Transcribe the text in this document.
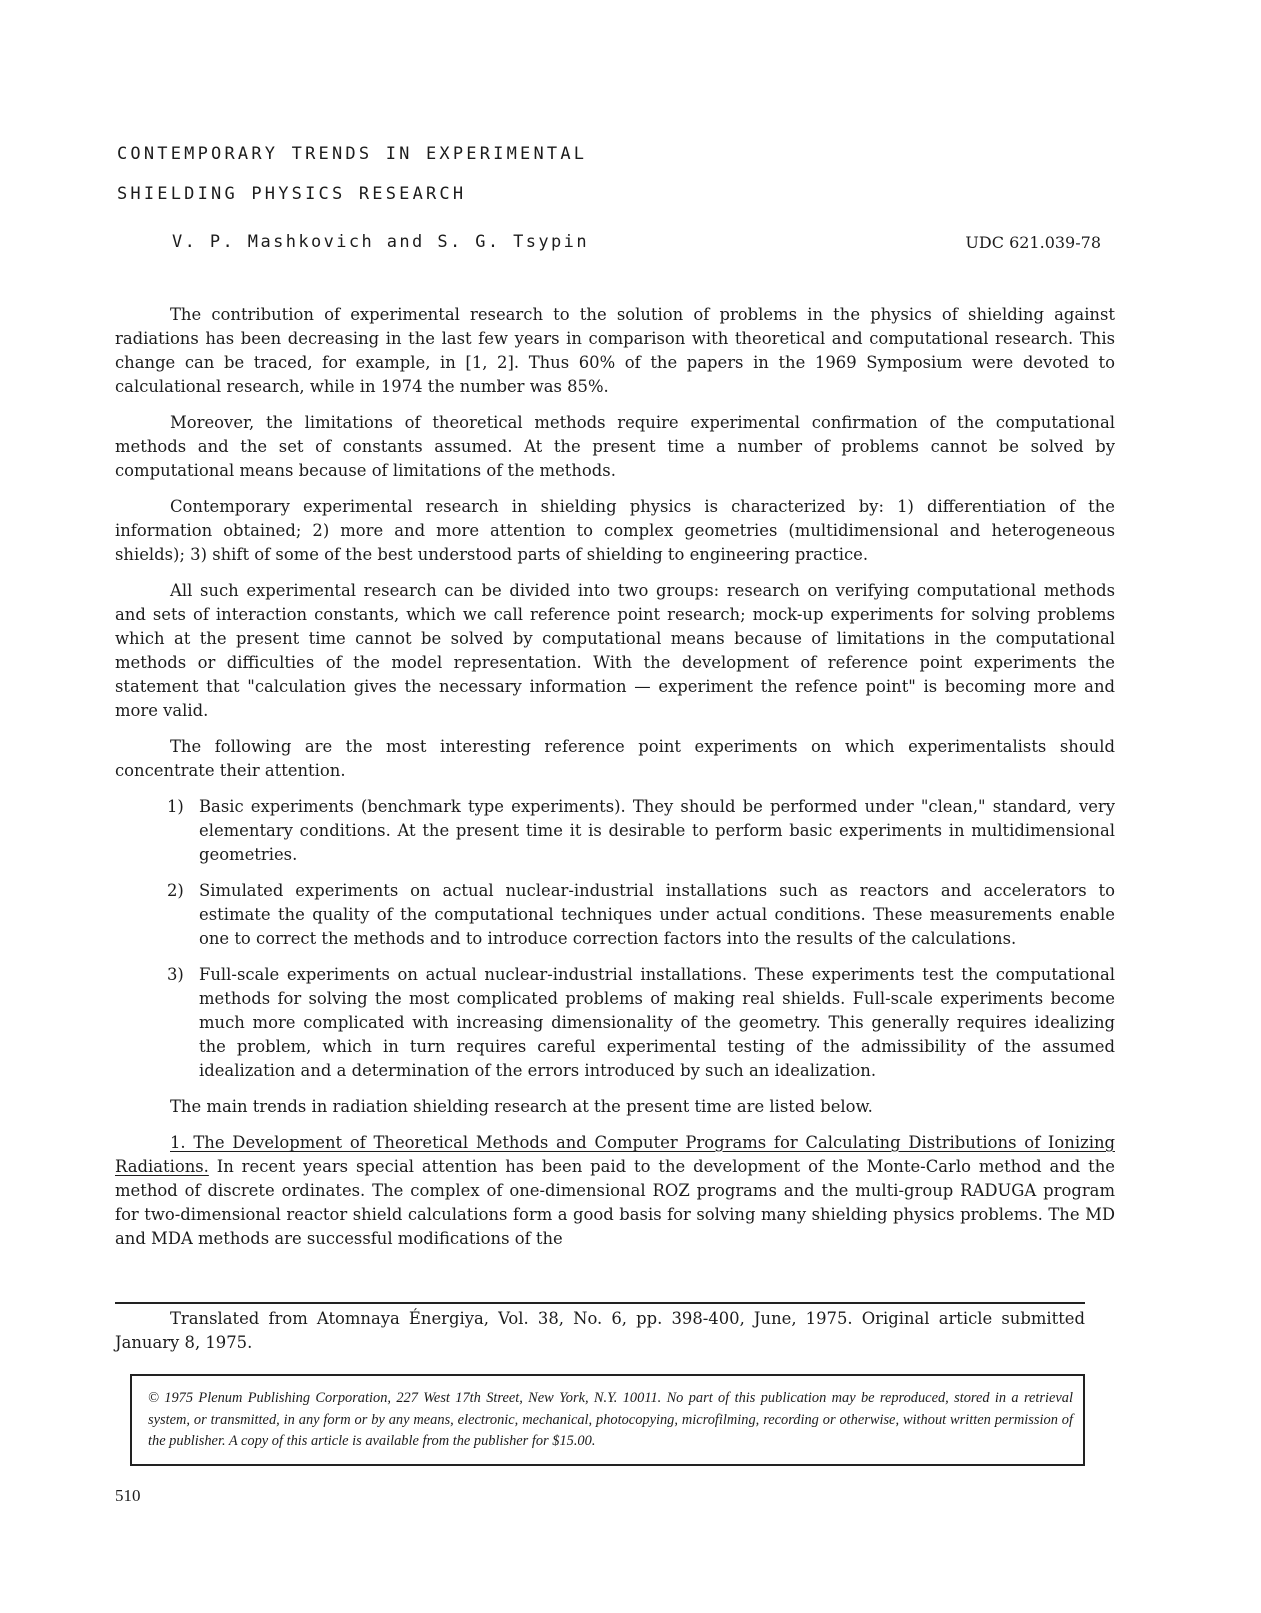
CONTEMPORARY TRENDS IN EXPERIMENTAL
SHIELDING PHYSICS RESEARCH
V. P. Mashkovich and S. G. Tsypin	UDC 621.039-78

The contribution of experimental research to the solution of problems in the physics of shielding against radiations has been decreasing in the last few years in comparison with theoretical and computational research. This change can be traced, for example, in [1, 2]. Thus 60% of the papers in the 1969 Symposium were devoted to calculational research, while in 1974 the number was 85%.

Moreover, the limitations of theoretical methods require experimental confirmation of the computational methods and the set of constants assumed. At the present time a number of problems cannot be solved by computational means because of limitations of the methods.

Contemporary experimental research in shielding physics is characterized by: 1) differentiation of the information obtained; 2) more and more attention to complex geometries (multidimensional and heterogeneous shields); 3) shift of some of the best understood parts of shielding to engineering practice.

All such experimental research can be divided into two groups: research on verifying computational methods and sets of interaction constants, which we call reference point research; mock-up experiments for solving problems which at the present time cannot be solved by computational means because of limitations in the computational methods or difficulties of the model representation. With the development of reference point experiments the statement that "calculation gives the necessary information — experiment the refence point" is becoming more and more valid.

The following are the most interesting reference point experiments on which experimentalists should concentrate their attention.

1) Basic experiments (benchmark type experiments). They should be performed under "clean," standard, very elementary conditions. At the present time it is desirable to perform basic experiments in multidimensional geometries.
2) Simulated experiments on actual nuclear-industrial installations such as reactors and accelerators to estimate the quality of the computational techniques under actual conditions. These measurements enable one to correct the methods and to introduce correction factors into the results of the calculations.
3) Full-scale experiments on actual nuclear-industrial installations. These experiments test the computational methods for solving the most complicated problems of making real shields. Full-scale experiments become much more complicated with increasing dimensionality of the geometry. This generally requires idealizing the problem, which in turn requires careful experimental testing of the admissibility of the assumed idealization and a determination of the errors introduced by such an idealization.

The main trends in radiation shielding research at the present time are listed below.

1. The Development of Theoretical Methods and Computer Programs for Calculating Distributions of Ionizing Radiations. In recent years special attention has been paid to the development of the Monte-Carlo method and the method of discrete ordinates. The complex of one-dimensional ROZ programs and the multi-group RADUGA program for two-dimensional reactor shield calculations form a good basis for solving many shielding physics problems. The MD and MDA methods are successful modifications of the

Translated from Atomnaya Énergiya, Vol. 38, No. 6, pp. 398-400, June, 1975. Original article submitted January 8, 1975.
© 1975 Plenum Publishing Corporation, 227 West 17th Street, New York, N.Y. 10011. No part of this publication may be reproduced, stored in a retrieval system, or transmitted, in any form or by any means, electronic, mechanical, photocopying, microfilming, recording or otherwise, without written permission of the publisher. A copy of this article is available from the publisher for $15.00.
510
